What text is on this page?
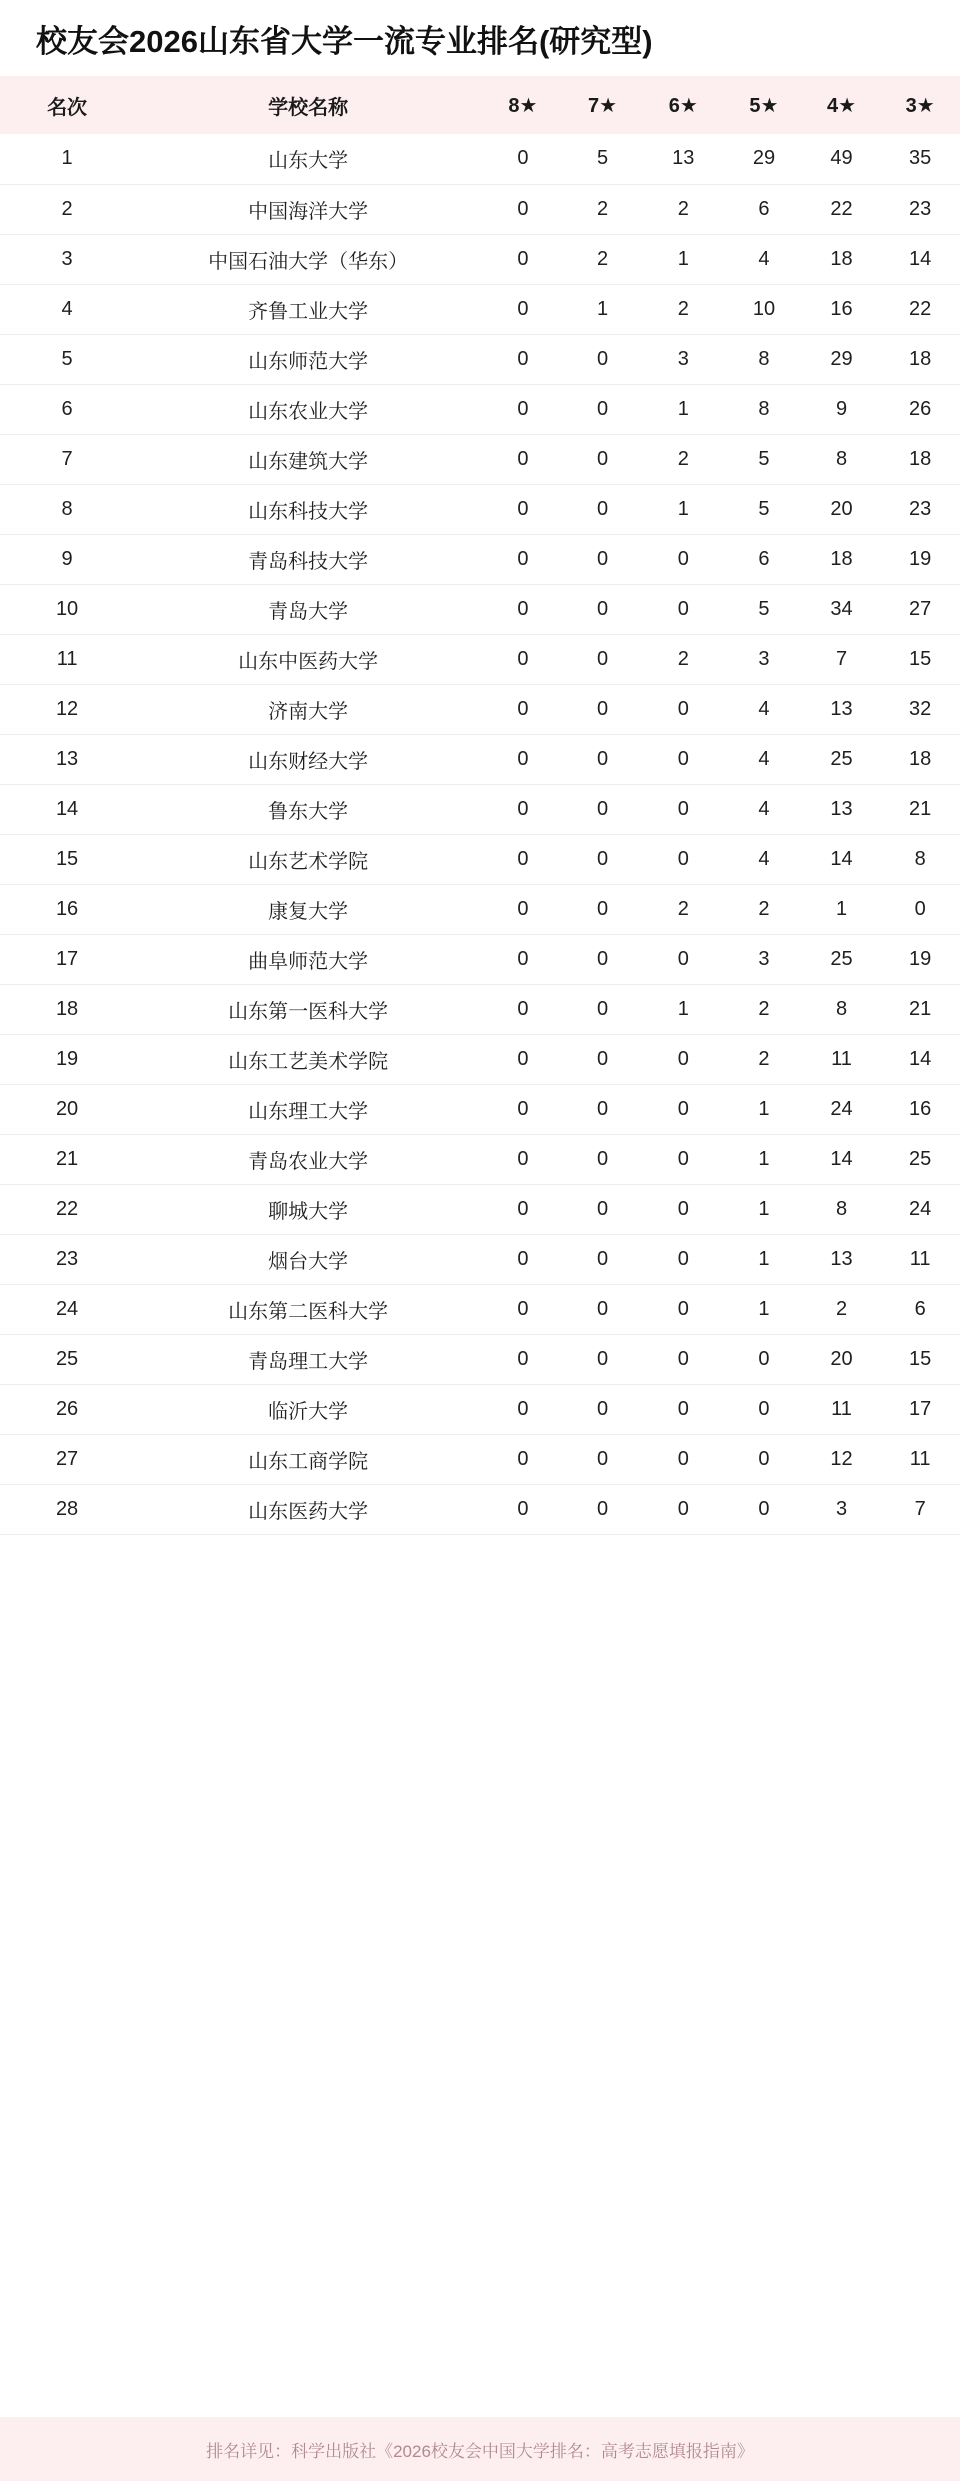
校友会2026山东省大学一流专业排名(研究型)
名次	学校名称	8★	7★	6★	5★	4★	3★
1	山东大学	0	5	13	29	49	35
2	中国海洋大学	0	2	2	6	22	23
3	中国石油大学（华东）	0	2	1	4	18	14
4	齐鲁工业大学	0	1	2	10	16	22
5	山东师范大学	0	0	3	8	29	18
6	山东农业大学	0	0	1	8	9	26
7	山东建筑大学	0	0	2	5	8	18
8	山东科技大学	0	0	1	5	20	23
9	青岛科技大学	0	0	0	6	18	19
10	青岛大学	0	0	0	5	34	27
11	山东中医药大学	0	0	2	3	7	15
12	济南大学	0	0	0	4	13	32
13	山东财经大学	0	0	0	4	25	18
14	鲁东大学	0	0	0	4	13	21
15	山东艺术学院	0	0	0	4	14	8
16	康复大学	0	0	2	2	1	0
17	曲阜师范大学	0	0	0	3	25	19
18	山东第一医科大学	0	0	1	2	8	21
19	山东工艺美术学院	0	0	0	2	11	14
20	山东理工大学	0	0	0	1	24	16
21	青岛农业大学	0	0	0	1	14	25
22	聊城大学	0	0	0	1	8	24
23	烟台大学	0	0	0	1	13	11
24	山东第二医科大学	0	0	0	1	2	6
25	青岛理工大学	0	0	0	0	20	15
26	临沂大学	0	0	0	0	11	17
27	山东工商学院	0	0	0	0	12	11
28	山东医药大学	0	0	0	0	3	7
排名详见：科学出版社《2026校友会中国大学排名：高考志愿填报指南》
